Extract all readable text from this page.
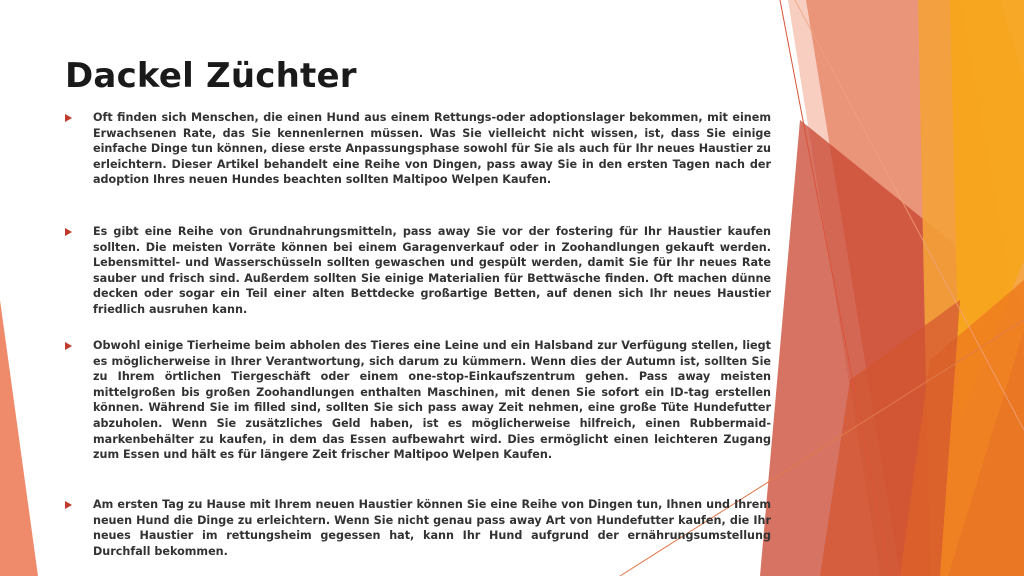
Dackel Züchter
Oft finden sich Menschen, die einen Hund aus einem Rettungs-oder adoptionslager bekommen, mit einem Erwachsenen Rate, das Sie kennenlernen müssen. Was Sie vielleicht nicht wissen, ist, dass Sie einige einfache Dinge tun können, diese erste Anpassungsphase sowohl für Sie als auch für Ihr neues Haustier zu erleichtern. Dieser Artikel behandelt eine Reihe von Dingen, pass away Sie in den ersten Tagen nach der adoption Ihres neuen Hundes beachten sollten Maltipoo Welpen Kaufen.
Es gibt eine Reihe von Grundnahrungsmitteln, pass away Sie vor der fostering für Ihr Haustier kaufen sollten. Die meisten Vorräte können bei einem Garagenverkauf oder in Zoohandlungen gekauft werden. Lebensmittel- und Wasserschüsseln sollten gewaschen und gespült werden, damit Sie für Ihr neues Rate sauber und frisch sind. Außerdem sollten Sie einige Materialien für Bettwäsche finden. Oft machen dünne decken oder sogar ein Teil einer alten Bettdecke großartige Betten, auf denen sich Ihr neues Haustier friedlich ausruhen kann.
Obwohl einige Tierheime beim abholen des Tieres eine Leine und ein Halsband zur Verfügung stellen, liegt es möglicherweise in Ihrer Verantwortung, sich darum zu kümmern. Wenn dies der Autumn ist, sollten Sie zu Ihrem örtlichen Tiergeschäft oder einem one-stop-Einkaufszentrum gehen. Pass away meisten mittelgroßen bis großen Zoohandlungen enthalten Maschinen, mit denen Sie sofort ein ID-tag erstellen können. Während Sie im filled sind, sollten Sie sich pass away Zeit nehmen, eine große Tüte Hundefutter abzuholen. Wenn Sie zusätzliches Geld haben, ist es möglicherweise hilfreich, einen Rubbermaid-markenbehälter zu kaufen, in dem das Essen aufbewahrt wird. Dies ermöglicht einen leichteren Zugang zum Essen und hält es für längere Zeit frischer Maltipoo Welpen Kaufen.
Am ersten Tag zu Hause mit Ihrem neuen Haustier können Sie eine Reihe von Dingen tun, Ihnen und Ihrem neuen Hund die Dinge zu erleichtern. Wenn Sie nicht genau pass away Art von Hundefutter kaufen, die Ihr neues Haustier im rettungsheim gegessen hat, kann Ihr Hund aufgrund der ernährungsumstellung Durchfall bekommen.
